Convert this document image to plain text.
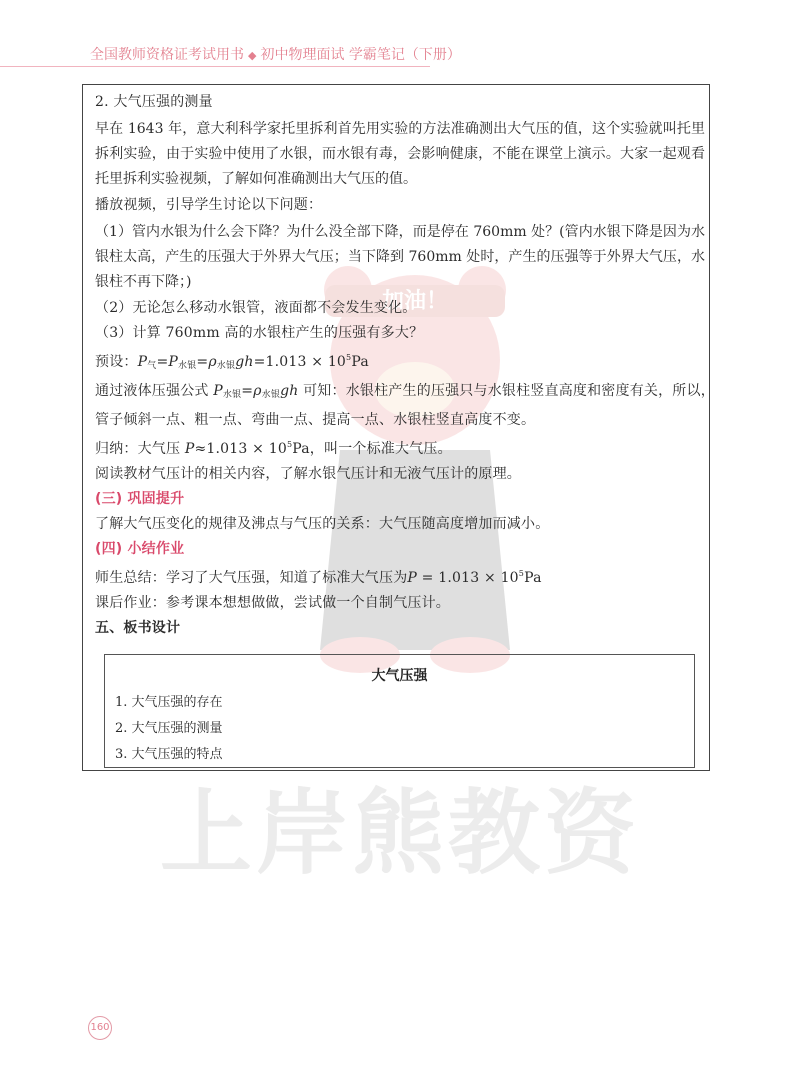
全国教师资格证考试用书 ◆ 初中物理面试 学霸笔记（下册）
加油！
上岸熊教资
2. 大气压强的测量
早在 1643 年，意大利科学家托里拆利首先用实验的方法准确测出大气压的值，这个实验就叫托里拆利实验，由于实验中使用了水银，而水银有毒，会影响健康，不能在课堂上演示。大家一起观看托里拆利实验视频，了解如何准确测出大气压的值。
播放视频，引导学生讨论以下问题：
（1）管内水银为什么会下降？为什么没全部下降，而是停在 760mm 处？(管内水银下降是因为水银柱太高，产生的压强大于外界大气压；当下降到 760mm 处时，产生的压强等于外界大气压，水银柱不再下降；)
（2）无论怎么移动水银管，液面都不会发生变化。
（3）计算 760mm 高的水银柱产生的压强有多大？
预设：$P_气=P_{水银}=\rho_{水银}gh=1.013 \times 10^5Pa$
通过液体压强公式 $P_{水银}=\rho_{水银}gh$ 可知：水银柱产生的压强只与水银柱竖直高度和密度有关，所以，
管子倾斜一点、粗一点、弯曲一点、提高一点、水银柱竖直高度不变。
归纳：大气压 $P\approx 1.013 \times 10^5Pa$，叫一个标准大气压。
阅读教材气压计的相关内容，了解水银气压计和无液气压计的原理。
(三) 巩固提升
了解大气压变化的规律及沸点与气压的关系：大气压随高度增加而减小。
(四) 小结作业
师生总结：学习了大气压强，知道了标准大气压为$P = 1.013 \times 10^5Pa$
课后作业：参考课本想想做做，尝试做一个自制气压计。
五、板书设计
大气压强
1. 大气压强的存在
2. 大气压强的测量
3. 大气压强的特点
160
